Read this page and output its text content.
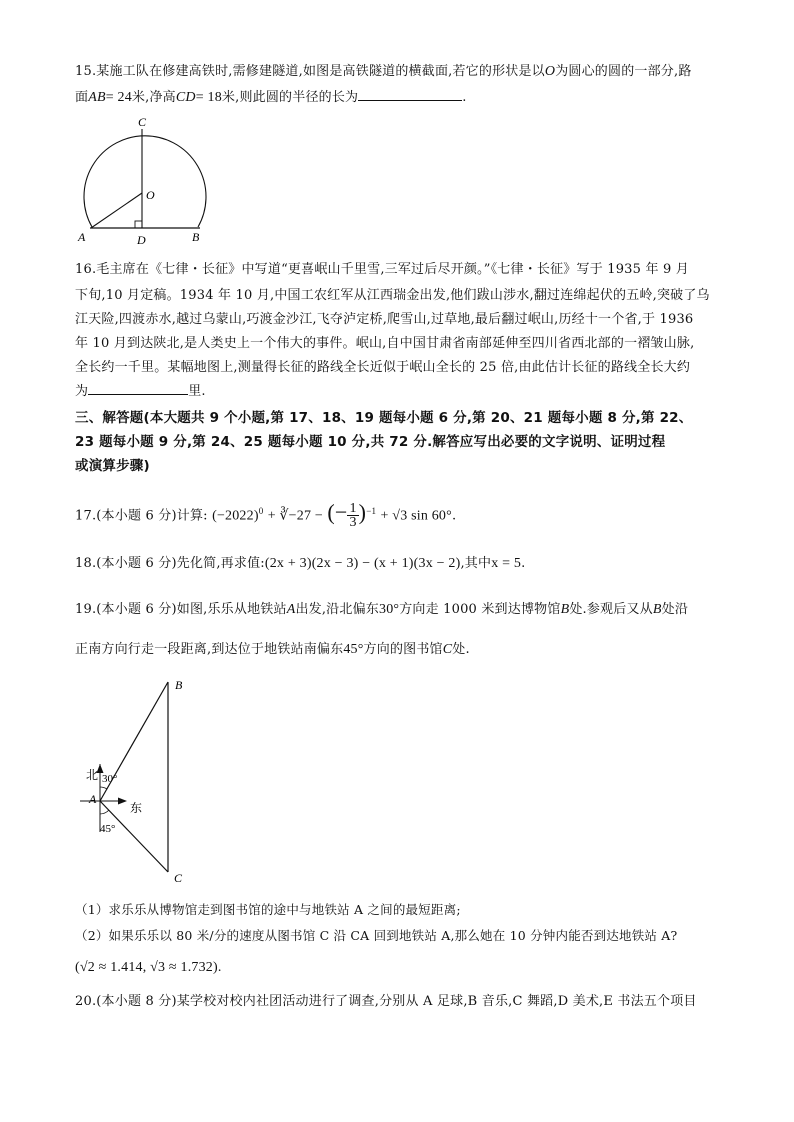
15.某施工队在修建高铁时,需修建隧道,如图是高铁隧道的横截面,若它的形状是以O为圆心的圆的一部分,路
面AB= 24米,净高CD= 18米,则此圆的半径的长为	.
C
O
A	D	B
16.毛主席在《七律・长征》中写道“更喜岷山千里雪,三军过后尽开颜。”《七律・长征》写于 1935 年 9 月
下旬,10 月定稿。1934 年 10 月,中国工农红军从江西瑞金出发,他们跋山涉水,翻过连绵起伏的五岭,突破了乌
江天险,四渡赤水,越过乌蒙山,巧渡金沙江,飞夺泸定桥,爬雪山,过草地,最后翻过岷山,历经十一个省,于 1936
年 10 月到达陕北,是人类史上一个伟大的事件。岷山,自中国甘肃省南部延伸至四川省西北部的一褶皱山脉,
全长约一千里。某幅地图上,测量得长征的路线全长近似于岷山全长的 25 倍,由此估计长征的路线全长大约
为	里.
三、解答题(本大题共 9 个小题,第 17、18、19 题每小题 6 分,第 20、21 题每小题 8 分,第 22、
23 题每小题 9 分,第 24、25 题每小题 10 分,共 72 分.解答应写出必要的文字说明、证明过程
或演算步骤)
17.(本小题 6 分)计算: $(-2022)^0$ + ∛−27 − (− $\frac{1}{3} )^{-1} + √3$ sin 60°.
18.(本小题 6 分)先化简,再求值:(2x + 3)(2x − 3) − (x + 1)(3x − 2),其中x = 5.
19.(本小题 6 分)如图,乐乐从地铁站A出发,沿北偏东30°方向走 1000 米到达博物馆B处.参观后又从B处沿
正南方向行走一段距离,到达位于地铁站南偏东45°方向的图书馆C处.
B
C
A
北
东
30°
45°
（1）求乐乐从博物馆走到图书馆的途中与地铁站 A 之间的最短距离;
（2）如果乐乐以 80 米/分的速度从图书馆 C 沿 CA 回到地铁站 A,那么她在 10 分钟内能否到达地铁站 A?
(√2 ≈ 1.414, √3 ≈ 1.732).
20.(本小题 8 分)某学校对校内社团活动进行了调查,分别从 A 足球,B 音乐,C 舞蹈,D 美术,E 书法五个项目
